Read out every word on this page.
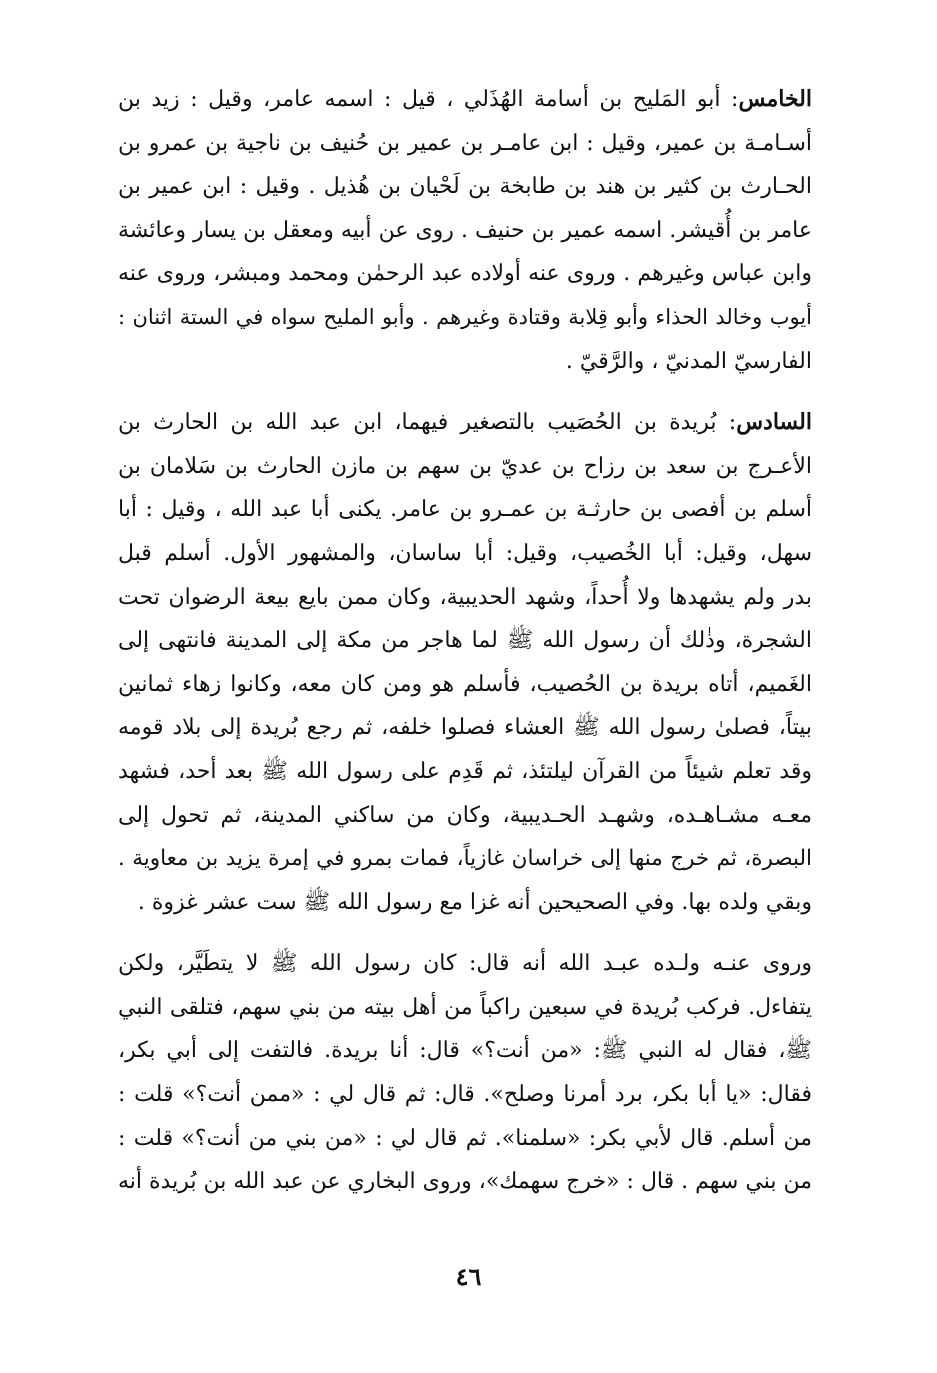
الخامس: أبو المَليح بن أسامة الهُذَلي ، قيل : اسمه عامر، وقيل : زيد بن
أسـامـة بن عمير، وقيل : ابن عامـر بن عمير بن حُنيف بن ناجية بن عمرو بن
الحـارث بن كثير بن هند بن طابخة بن لَحْيان بن هُذيل . وقيل : ابن عمير بن
عامر بن أُقيشر. اسمه عمير بن حنيف . روى عن أبيه ومعقل بن يسار وعائشة
وابن عباس وغيرهم . وروى عنه أولاده عبد الرحمٰن ومحمد ومبشر، وروى عنه
أيوب وخالد الحذاء وأبو قِلابة وقتادة وغيرهم . وأبو المليح سواه في الستة اثنان :
الفارسيّ المدنيّ ، والرَّقيّ .

السادس: بُريدة بن الحُصَيب بالتصغير فيهما، ابن عبد الله بن الحارث بن
الأعـرج بن سعد بن رزاح بن عديّ بن سهم بن مازن الحارث بن سَلامان بن
أسلم بن أفصى بن حارثـة بن عمـرو بن عامر. يكنى أبا عبد الله ، وقيل : أبا
سهل، وقيل: أبا الخُصيب، وقيل: أبا ساسان، والمشهور الأول. أسلم قبل
بدر ولم يشهدها ولا أُحداً، وشهد الحديبية، وكان ممن بايع بيعة الرضوان تحت
الشجرة، وذٰلك أن رسول الله ﷺ لما هاجر من مكة إلى المدينة فانتهى إلى
الغَميم، أتاه بريدة بن الحُصيب، فأسلم هو ومن كان معه، وكانوا زهاء ثمانين
بيتاً، فصلىٰ رسول الله ﷺ العشاء فصلوا خلفه، ثم رجع بُريدة إلى بلاد قومه
وقد تعلم شيئاً من القرآن ليلتئذ، ثم قَدِم على رسول الله ﷺ بعد أحد، فشهد
معـه مشـاهـده، وشهـد الحـديبية، وكان من ساكني المدينة، ثم تحول إلى
البصرة، ثم خرج منها إلى خراسان غازياً، فمات بمرو في إمرة يزيد بن معاوية .
وبقي ولده بها. وفي الصحيحين أنه غزا مع رسول الله ﷺ ست عشر غزوة .

وروى عنـه ولـده عبـد الله أنه قال: كان رسول الله ﷺ لا يتطَيَّر، ولكن
يتفاءل. فركب بُريدة في سبعين راكباً من أهل بيته من بني سهم، فتلقى النبي
ﷺ، فقال له النبي ﷺ: «من أنت؟» قال: أنا بريدة. فالتفت إلى أبي بكر،
فقال: «يا أبا بكر، برد أمرنا وصلح». قال: ثم قال لي : «ممن أنت؟» قلت :
من أسلم. قال لأبي بكر: «سلمنا». ثم قال لي : «من بني من أنت؟» قلت :
من بني سهم . قال : «خرج سهمك»، وروى البخاري عن عبد الله بن بُريدة أنه

٤٦
